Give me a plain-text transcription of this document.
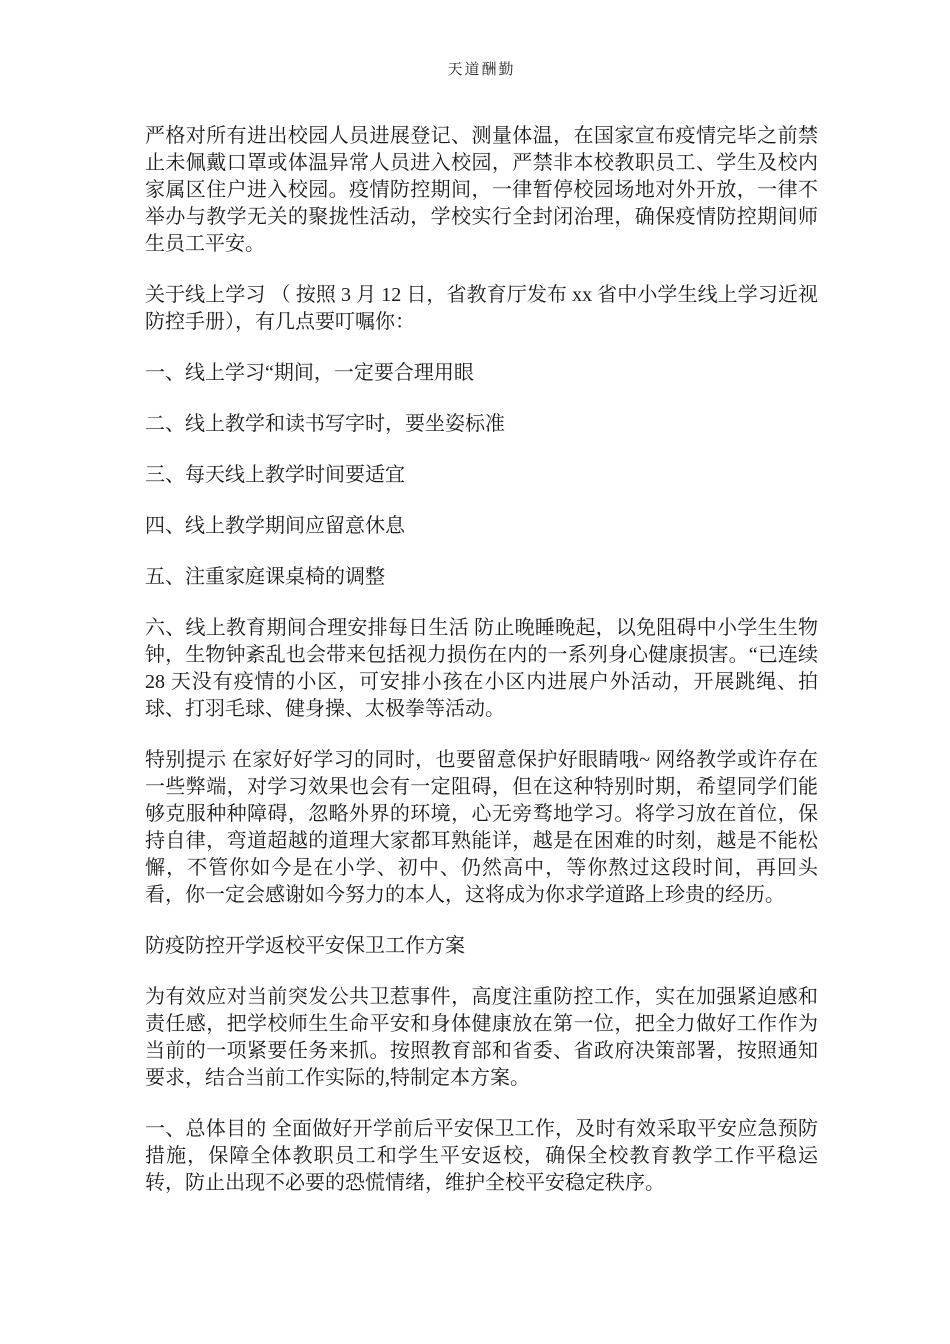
天道酬勤

严格对所有进出校园人员进展登记、测量体温，在国家宣布疫情完毕之前禁止未佩戴口罩或体温异常人员进入校园，严禁非本校教职员工、学生及校内家属区住户进入校园。疫情防控期间，一律暂停校园场地对外开放，一律不举办与教学无关的聚拢性活动，学校实行全封闭治理，确保疫情防控期间师生员工平安。

关于线上学习 （ 按照 3 月 12 日，省教育厅发布 xx 省中小学生线上学习近视防控手册），有几点要叮嘱你：

一、线上学习“期间，一定要合理用眼

二、线上教学和读书写字时，要坐姿标准

三、每天线上教学时间要适宜

四、线上教学期间应留意休息

五、注重家庭课桌椅的调整

六、线上教育期间合理安排每日生活 防止晚睡晚起，以免阻碍中小学生生物钟，生物钟紊乱也会带来包括视力损伤在内的一系列身心健康损害。“已连续 28 天没有疫情的小区，可安排小孩在小区内进展户外活动，开展跳绳、拍球、打羽毛球、健身操、太极拳等活动。

特别提示 在家好好学习的同时，也要留意保护好眼睛哦~ 网络教学或许存在一些弊端，对学习效果也会有一定阻碍，但在这种特别时期，希望同学们能够克服种种障碍，忽略外界的环境，心无旁骛地学习。将学习放在首位，保持自律，弯道超越的道理大家都耳熟能详，越是在困难的时刻，越是不能松懈，不管你如今是在小学、初中、仍然高中，等你熬过这段时间，再回头看，你一定会感谢如今努力的本人，这将成为你求学道路上珍贵的经历。

防疫防控开学返校平安保卫工作方案

为有效应对当前突发公共卫惹事件，高度注重防控工作，实在加强紧迫感和责任感，把学校师生生命平安和身体健康放在第一位，把全力做好工作作为当前的一项紧要任务来抓。按照教育部和省委、省政府决策部署，按照通知要求，结合当前工作实际的,特制定本方案。

一、总体目的 全面做好开学前后平安保卫工作，及时有效采取平安应急预防措施，保障全体教职员工和学生平安返校，确保全校教育教学工作平稳运转，防止出现不必要的恐慌情绪，维护全校平安稳定秩序。
